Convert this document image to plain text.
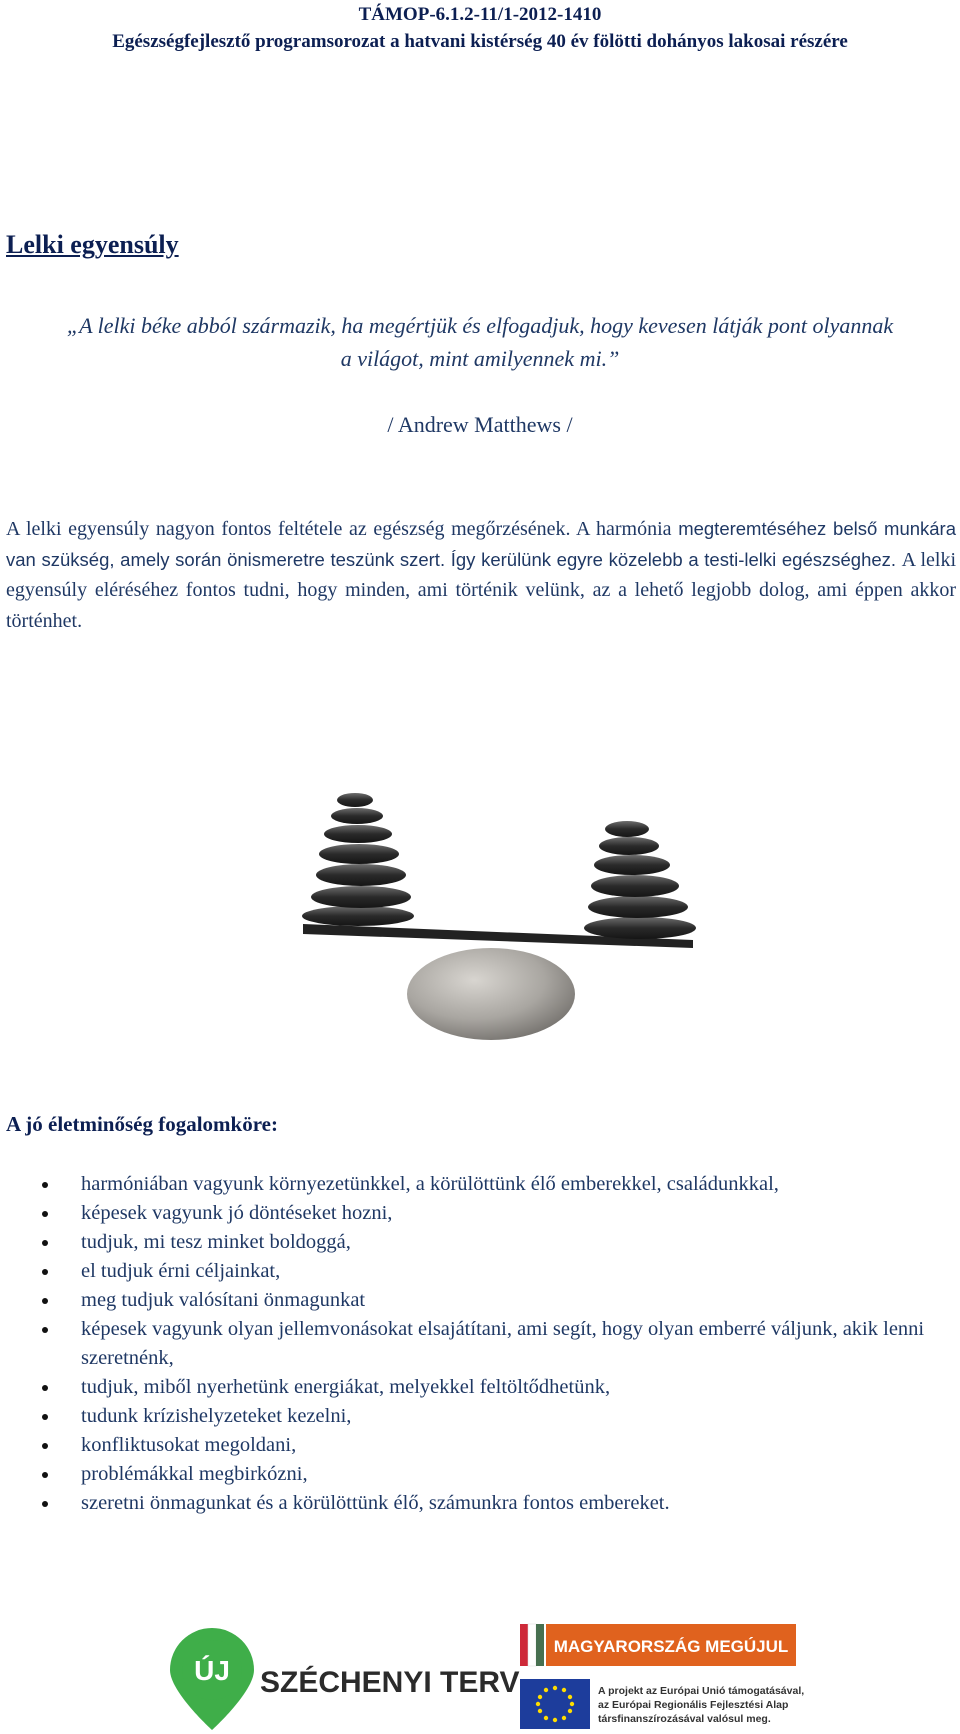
TÁMOP-6.1.2-11/1-2012-1410
Egészségfejlesztő programsorozat a hatvani kistérség 40 év fölötti dohányos lakosai részére
Lelki egyensúly
„A lelki béke abból származik, ha megértjük és elfogadjuk, hogy kevesen látják pont olyannak
a világot, mint amilyennek mi.”
/ Andrew Matthews /
A lelki egyensúly nagyon fontos feltétele az egészség megőrzésének. A harmónia megteremtéséhez belső munkára van szükség, amely során önismeretre teszünk szert. Így kerülünk egyre közelebb a testi-lelki egészséghez. A lelki egyensúly eléréséhez fontos tudni, hogy minden, ami történik velünk, az a lehető legjobb dolog, ami éppen akkor történhet.
A jó életminőség fogalomköre:
harmóniában vagyunk környezetünkkel, a körülöttünk élő emberekkel, családunkkal,
képesek vagyunk jó döntéseket hozni,
tudjuk, mi tesz minket boldoggá,
el tudjuk érni céljainkat,
meg tudjuk valósítani önmagunkat
képesek vagyunk olyan jellemvonásokat elsajátítani, ami segít, hogy olyan emberré váljunk, akik lenni szeretnénk,
tudjuk, miből nyerhetünk energiákat, melyekkel feltöltődhetünk,
tudunk krízishelyzeteket kezelni,
konfliktusokat megoldani,
problémákkal megbirkózni,
szeretni önmagunkat és a körülöttünk élő, számunkra fontos embereket.
ÚJ SZÉCHENYI TERV
MAGYARORSZÁG MEGÚJUL
A projekt az Európai Unió támogatásával,
az Európai Regionális Fejlesztési Alap
társfinanszírozásával valósul meg.
